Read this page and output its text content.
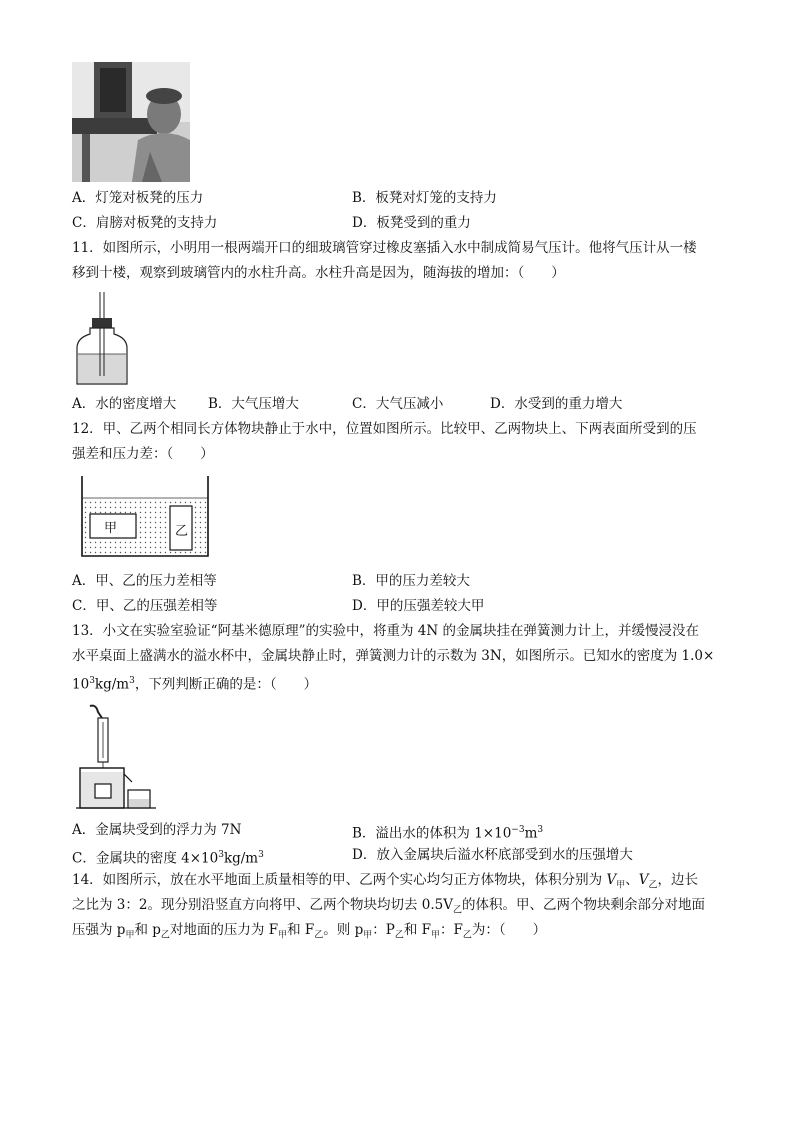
A．灯笼对板凳的压力	B．板凳对灯笼的支持力
C．肩膀对板凳的支持力	D．板凳受到的重力
11．如图所示，小明用一根两端开口的细玻璃管穿过橡皮塞插入水中制成简易气压计。他将气压计从一楼
移到十楼，观察到玻璃管内的水柱升高。水柱升高是因为，随海拔的增加：（　　）
A．水的密度增大 B．大气压增大	C．大气压减小	D．水受到的重力增大
12．甲、乙两个相同长方体物块静止于水中，位置如图所示。比较甲、乙两物块上、下两表面所受到的压
强差和压力差：（　　）
甲	乙
A．甲、乙的压力差相等	B．甲的压力差较大
C．甲、乙的压强差相等	D．甲的压强差较大甲
13．小文在实验室验证“阿基米德原理”的实验中，将重为 4N 的金属块挂在弹簧测力计上，并缓慢浸没在
水平桌面上盛满水的溢水杯中，金属块静止时，弹簧测力计的示数为 3N，如图所示。已知水的密度为 1.0×
$10^3kg/m^3$，下列判断正确的是：（　　）
A．金属块受到的浮力为 7N	B．溢出水的体积为 $1\times 10^{-3}m^3$
C．金属块的密度 $4\times 10^3kg/m^3$	D．放入金属块后溢水杯底部受到水的压强增大
14．如图所示，放在水平地面上质量相等的甲、乙两个实心均匀正方体物块，体积分别为 $V_甲$、$V_乙$，边长
之比为 3：2。现分别沿竖直方向将甲、乙两个物块均切去 $0.5V_乙$的体积。甲、乙两个物块剩余部分对地面
压强为 $p_甲$和 $p_乙$对地面的压力为 $F_甲$和 $F_乙$。则 $p_甲$：$P_乙$和 $F_甲$：$F_乙$为：（　　）
